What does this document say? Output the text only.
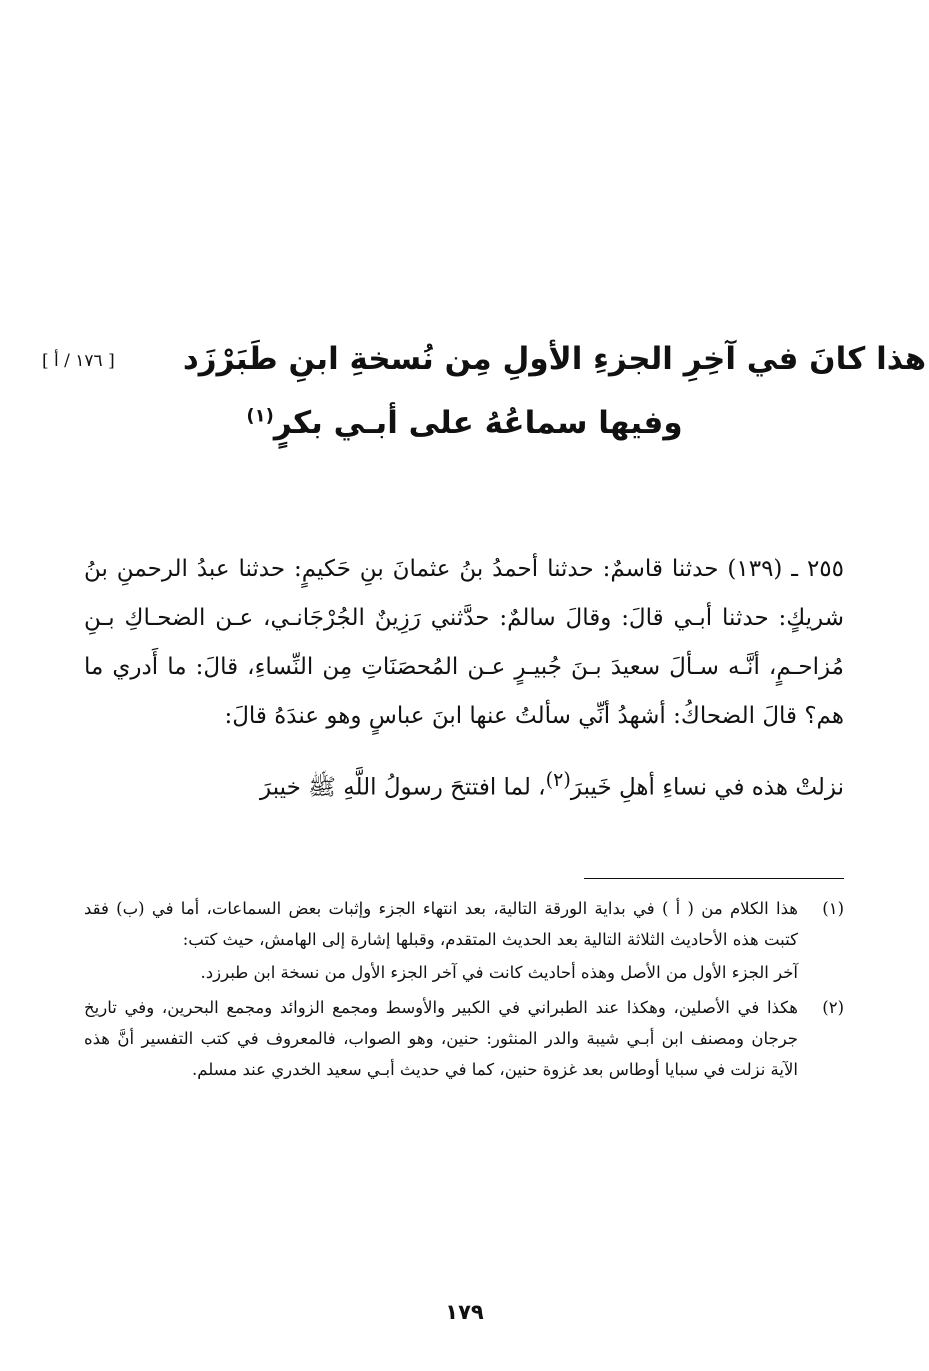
[ ١٧٦ / أ ]	هذا كانَ في آخِرِ الجزءِ الأولِ مِن نُسخةِ ابنِ طَبَرْزَد
وفيها سماعُهُ على أبـي بكرٍ$^{(١)}$

٢٥٥ ـ (١٣٩) حدثنا قاسمٌ: حدثنا أحمدُ بنُ عثمانَ بنِ حَكيمٍ: حدثنا عبدُ الرحمنِ بنُ شريكٍ: حدثنا أبـي قالَ: وقالَ سالمٌ: حدَّثني رَزِينٌ الجُرْجَانـي، عـن الضحـاكِ بـنِ مُزاحـمٍ، أنَّـه سـألَ سعيدَ بـنَ جُبيـرٍ عـن المُحصَنَاتِ مِن النِّساءِ، قالَ: ما أَدري ما هم؟ قالَ الضحاكُ: أشهدُ أنِّي سألتُ عنها ابنَ عباسٍ وهو عندَهُ قالَ:

نزلتْ هذه في نساءِ أهلِ خَيبرَ$^{(٢)}$، لما افتتحَ رسولُ اللَّهِ ﷺ خيبرَ

(١)
هذا الكلام من ( أ ) في بداية الورقة التالية، بعد انتهاء الجزء وإثبات بعض السماعات، أما في (ب) فقد كتبت هذه الأحاديث الثلاثة التالية بعد الحديث المتقدم، وقبلها إشارة إلى الهامش، حيث كتب:
آخر الجزء الأول من الأصل وهذه أحاديث كانت في آخر الجزء الأول من نسخة ابن طبرزد.
(٢)
هكذا في الأصلين، وهكذا عند الطبراني في الكبير والأوسط ومجمع الزوائد ومجمع البحرين، وفي تاريخ جرجان ومصنف ابن أبـي شيبة والدر المنثور: حنين، وهو الصواب، فالمعروف في كتب التفسير أنَّ هذه الآية نزلت في سبايا أوطاس بعد غزوة حنين، كما في حديث أبـي سعيد الخدري عند مسلم.
١٧٩
